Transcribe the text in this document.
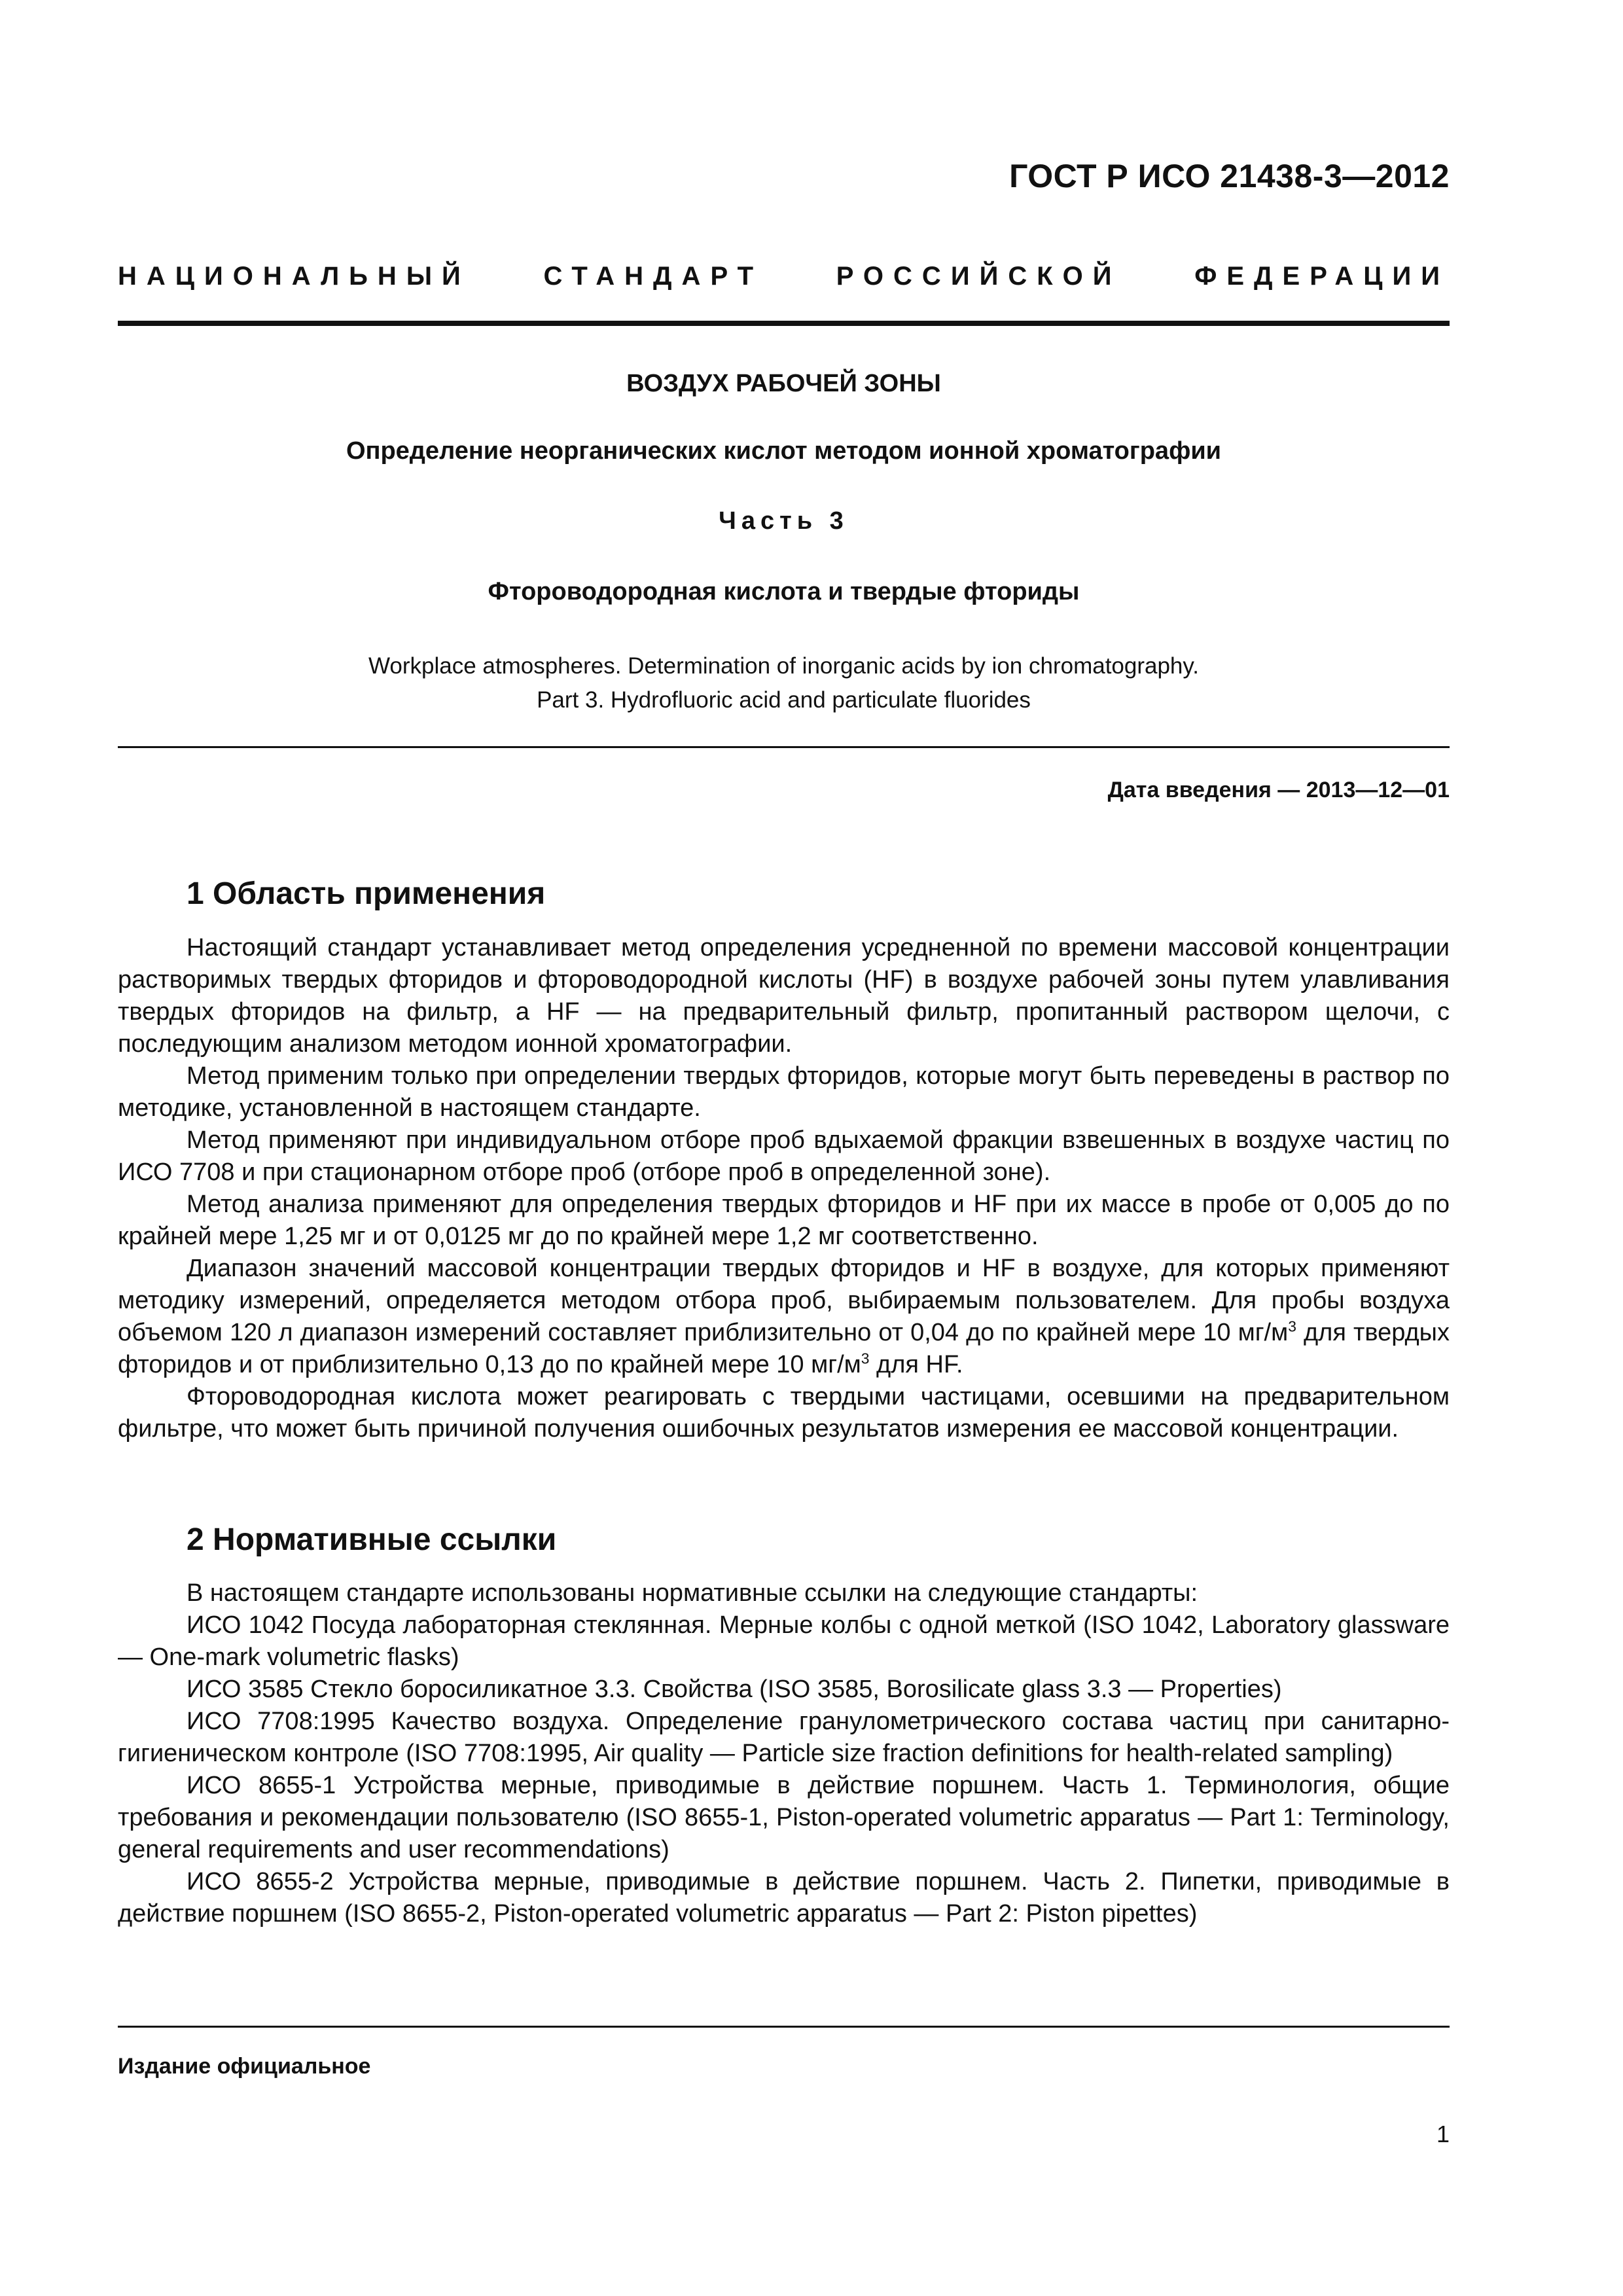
ГОСТ Р ИСО 21438-3—2012
НАЦИОНАЛЬНЫЙ СТАНДАРТ РОССИЙСКОЙ ФЕДЕРАЦИИ
ВОЗДУХ РАБОЧЕЙ ЗОНЫ
Определение неорганических кислот методом ионной хроматографии
Часть 3
Фтороводородная кислота и твердые фториды
Workplace atmospheres. Determination of inorganic acids by ion chromatography.
Part 3. Hydrofluoric acid and particulate fluorides
Дата введения — 2013—12—01
1 Область применения

Настоящий стандарт устанавливает метод определения усредненной по времени массовой концентрации растворимых твердых фторидов и фтороводородной кислоты (HF) в воздухе рабочей зоны путем улавливания твердых фторидов на фильтр, а HF — на предварительный фильтр, пропитанный раствором щелочи, с последующим анализом методом ионной хроматографии.

Метод применим только при определении твердых фторидов, которые могут быть переведены в раствор по методике, установленной в настоящем стандарте.

Метод применяют при индивидуальном отборе проб вдыхаемой фракции взвешенных в воздухе частиц по ИСО 7708 и при стационарном отборе проб (отборе проб в определенной зоне).

Метод анализа применяют для определения твердых фторидов и HF при их массе в пробе от 0,005 до по крайней мере 1,25 мг и от 0,0125 мг до по крайней мере 1,2 мг соответственно.

Диапазон значений массовой концентрации твердых фторидов и HF в воздухе, для которых применяют методику измерений, определяется методом отбора проб, выбираемым пользователем. Для пробы воздуха объемом 120 л диапазон измерений составляет приблизительно от 0,04 до по крайней мере 10 $мг/м^3$ для твердых фторидов и от приблизительно 0,13 до по крайней мере 10 $мг/м^3$ для HF.

Фтороводородная кислота может реагировать с твердыми частицами, осевшими на предварительном фильтре, что может быть причиной получения ошибочных результатов измерения ее массовой концентрации.

2 Нормативные ссылки

В настоящем стандарте использованы нормативные ссылки на следующие стандарты:

ИСО 1042 Посуда лабораторная стеклянная. Мерные колбы с одной меткой (ISO 1042, Laboratory glassware — One-mark volumetric flasks)

ИСО 3585 Стекло боросиликатное 3.3. Свойства (ISO 3585, Borosilicate glass 3.3 — Properties)

ИСО 7708:1995 Качество воздуха. Определение гранулометрического состава частиц при санитарно-гигиеническом контроле (ISO 7708:1995, Air quality — Particle size fraction definitions for health-related sampling)

ИСО 8655-1 Устройства мерные, приводимые в действие поршнем. Часть 1. Терминология, общие требования и рекомендации пользователю (ISO 8655-1, Piston-operated volumetric apparatus — Part 1: Terminology, general requirements and user recommendations)

ИСО 8655-2 Устройства мерные, приводимые в действие поршнем. Часть 2. Пипетки, приводимые в действие поршнем (ISO 8655-2, Piston-operated volumetric apparatus — Part 2: Piston pipettes)

Издание официальное
1
